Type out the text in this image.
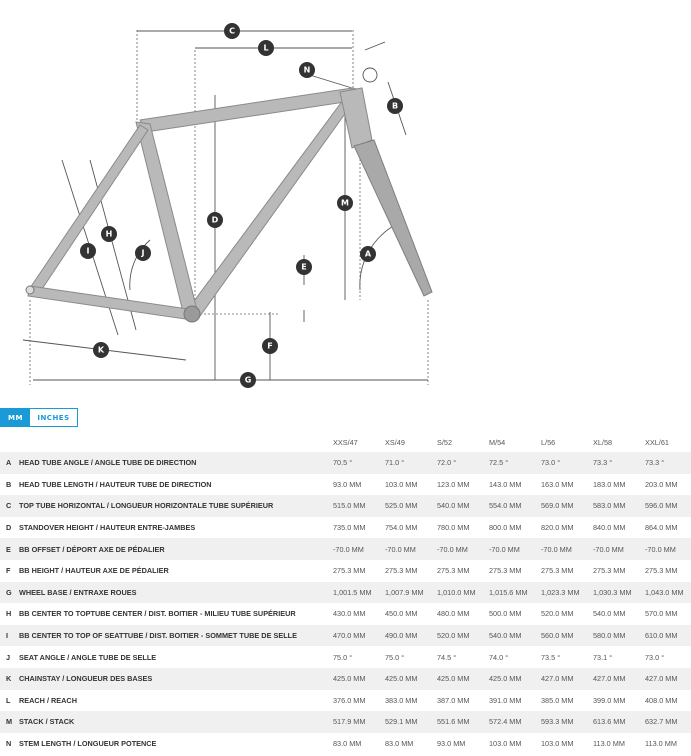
C
L
N
B
M
D
H
I	J
E
A
K	F
G
MM	INCHES
		XXS/47	XS/49	S/52	M/54	L/56	XL/58	XXL/61
A	HEAD TUBE ANGLE / ANGLE TUBE DE DIRECTION	70.5 °	71.0 °	72.0 °	72.5 °	73.0 °	73.3 °	73.3 °
B	HEAD TUBE LENGTH / HAUTEUR TUBE DE DIRECTION	93.0 MM	103.0 MM	123.0 MM	143.0 MM	163.0 MM	183.0 MM	203.0 MM
C	TOP TUBE HORIZONTAL / LONGUEUR HORIZONTALE TUBE SUPÉRIEUR	515.0 MM	525.0 MM	540.0 MM	554.0 MM	569.0 MM	583.0 MM	596.0 MM
D	STANDOVER HEIGHT / HAUTEUR ENTRE-JAMBES	735.0 MM	754.0 MM	780.0 MM	800.0 MM	820.0 MM	840.0 MM	864.0 MM
E	BB OFFSET / DÉPORT AXE DE PÉDALIER	-70.0 MM	-70.0 MM	-70.0 MM	-70.0 MM	-70.0 MM	-70.0 MM	-70.0 MM
F	BB HEIGHT / HAUTEUR AXE DE PÉDALIER	275.3 MM	275.3 MM	275.3 MM	275.3 MM	275.3 MM	275.3 MM	275.3 MM
G	WHEEL BASE / ENTRAXE ROUES	1,001.5 MM	1,007.9 MM	1,010.0 MM	1,015.6 MM	1,023.3 MM	1,030.3 MM	1,043.0 MM
H	BB CENTER TO TOPTUBE CENTER / DIST. BOITIER - MILIEU TUBE SUPÉRIEUR	430.0 MM	450.0 MM	480.0 MM	500.0 MM	520.0 MM	540.0 MM	570.0 MM
I	BB CENTER TO TOP OF SEATTUBE / DIST. BOITIER - SOMMET TUBE DE SELLE	470.0 MM	490.0 MM	520.0 MM	540.0 MM	560.0 MM	580.0 MM	610.0 MM
J	SEAT ANGLE / ANGLE TUBE DE SELLE	75.0 °	75.0 °	74.5 °	74.0 °	73.5 °	73.1 °	73.0 °
K	CHAINSTAY / LONGUEUR DES BASES	425.0 MM	425.0 MM	425.0 MM	425.0 MM	427.0 MM	427.0 MM	427.0 MM
L	REACH / REACH	376.0 MM	383.0 MM	387.0 MM	391.0 MM	385.0 MM	399.0 MM	408.0 MM
M	STACK / STACK	517.9 MM	529.1 MM	551.6 MM	572.4 MM	593.3 MM	613.6 MM	632.7 MM
N	STEM LENGTH / LONGUEUR POTENCE	83.0 MM	83.0 MM	93.0 MM	103.0 MM	103.0 MM	113.0 MM	113.0 MM
